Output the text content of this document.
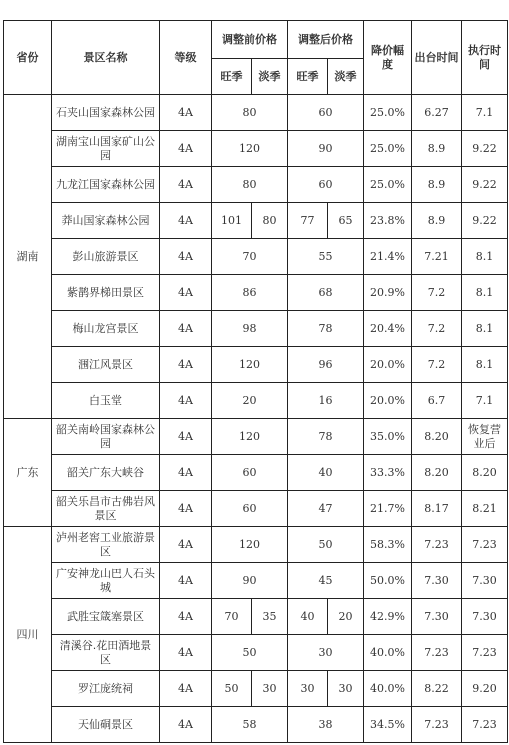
省份	景区名称	等级	调整前价格		调整后价格		降价幅度	出台时间	执行时间
			旺季	淡季	旺季	淡季			
湖南	石夹山国家森林公园	4A	80		60		25.0%	6.27	7.1
	湖南宝山国家矿山公园	4A	120		90		25.0%	8.9	9.22
	九龙江国家森林公园	4A	80		60		25.0%	8.9	9.22
	莽山国家森林公园	4A	101	80	77	65	23.8%	8.9	9.22
	彭山旅游景区	4A	70		55		21.4%	7.21	8.1
	紫鹊界梯田景区	4A	86		68		20.9%	7.2	8.1
	梅山龙宫景区	4A	98		78		20.4%	7.2	8.1
	涠江风景区	4A	120		96		20.0%	7.2	8.1
	白玉堂	4A	20		16		20.0%	6.7	7.1
广东	韶关南岭国家森林公园	4A	120		78		35.0%	8.20	恢复营业后
	韶关广东大峡谷	4A	60		40		33.3%	8.20	8.20
	韶关乐昌市古佛岩风景区	4A	60		47		21.7%	8.17	8.21
四川	泸州老窖工业旅游景区	4A	120		50		58.3%	7.23	7.23
	广安神龙山巴人石头城	4A	90		45		50.0%	7.30	7.30
	武胜宝箴塞景区	4A	70	35	40	20	42.9%	7.30	7.30
	清溪谷.花田酒地景区	4A	50		30		40.0%	7.23	7.23
	罗江庞统祠	4A	50	30	30	30	40.0%	8.22	9.20
	天仙硐景区	4A	58		38		34.5%	7.23	7.23
